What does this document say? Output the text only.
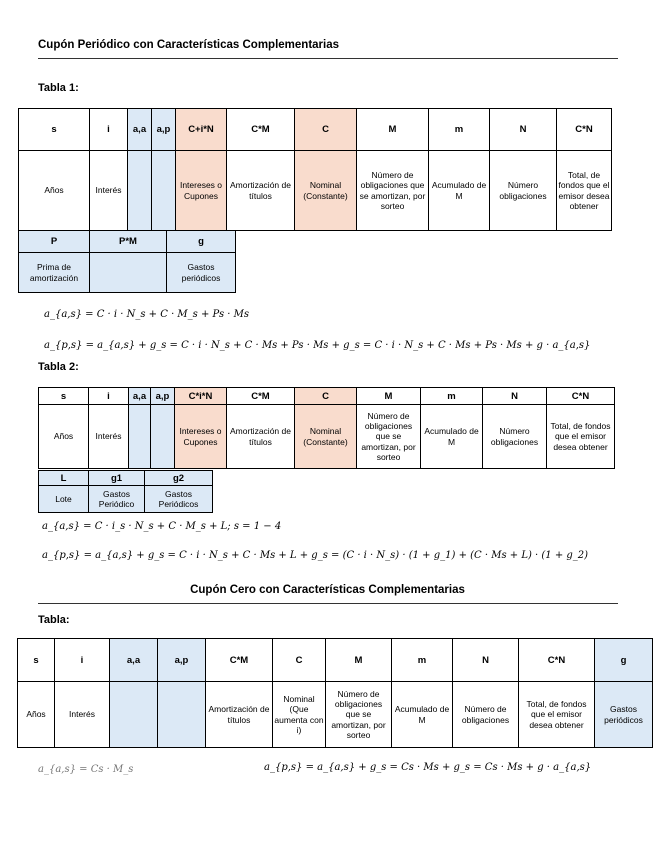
Cupón Periódico con Características Complementarias
Tabla 1:
s	i	a,a	a,p	C+i*N	C*M	C	M	m	N	C*N
Años	Interés			Intereses o Cupones	Amortización de títulos	Nominal (Constante)	Número de obligaciones que se amortizan, por sorteo	Acumulado de M	Número obligaciones	Total, de fondos que el emisor desea obtener
P	P*M	g
Prima de amortización		Gastos periódicos
a_{a,s} = C · i · N_s + C · M_s + Ps · Ms
a_{p,s} = a_{a,s} + g_s = C · i · N_s + C · Ms + Ps · Ms + g_s = C · i · N_s + C · Ms + Ps · Ms + g · a_{a,s}
Tabla 2:
s	i	a,a	a,p	C*i*N	C*M	C	M	m	N	C*N
Años	Interés			Intereses o Cupones	Amortización de títulos	Nominal (Constante)	Número de obligaciones que se amortizan, por sorteo	Acumulado de M	Número obligaciones	Total, de fondos que el emisor desea obtener
L	g1	g2
Lote	Gastos Periódico	Gastos Periódicos
a_{a,s} = C · i_s · N_s + C · M_s + L; s = 1 − 4
a_{p,s} = a_{a,s} + g_s = C · i · N_s + C · Ms + L + g_s = (C · i · N_s) · (1 + g_1) + (C · Ms + L) · (1 + g_2)
Cupón Cero con Características Complementarias
Tabla:
s	i	a,a	a,p	C*M	C	M	m	N	C*N	g
Años	Interés			Amortización de títulos	Nominal (Que aumenta con i)	Número de obligaciones que se amortizan, por sorteo	Acumulado de M	Número de obligaciones	Total, de fondos que el emisor desea obtener	Gastos periódicos
a_{a,s} = Cs · M_s	a_{p,s} = a_{a,s} + g_s = Cs · Ms + g_s = Cs · Ms + g · a_{a,s}
